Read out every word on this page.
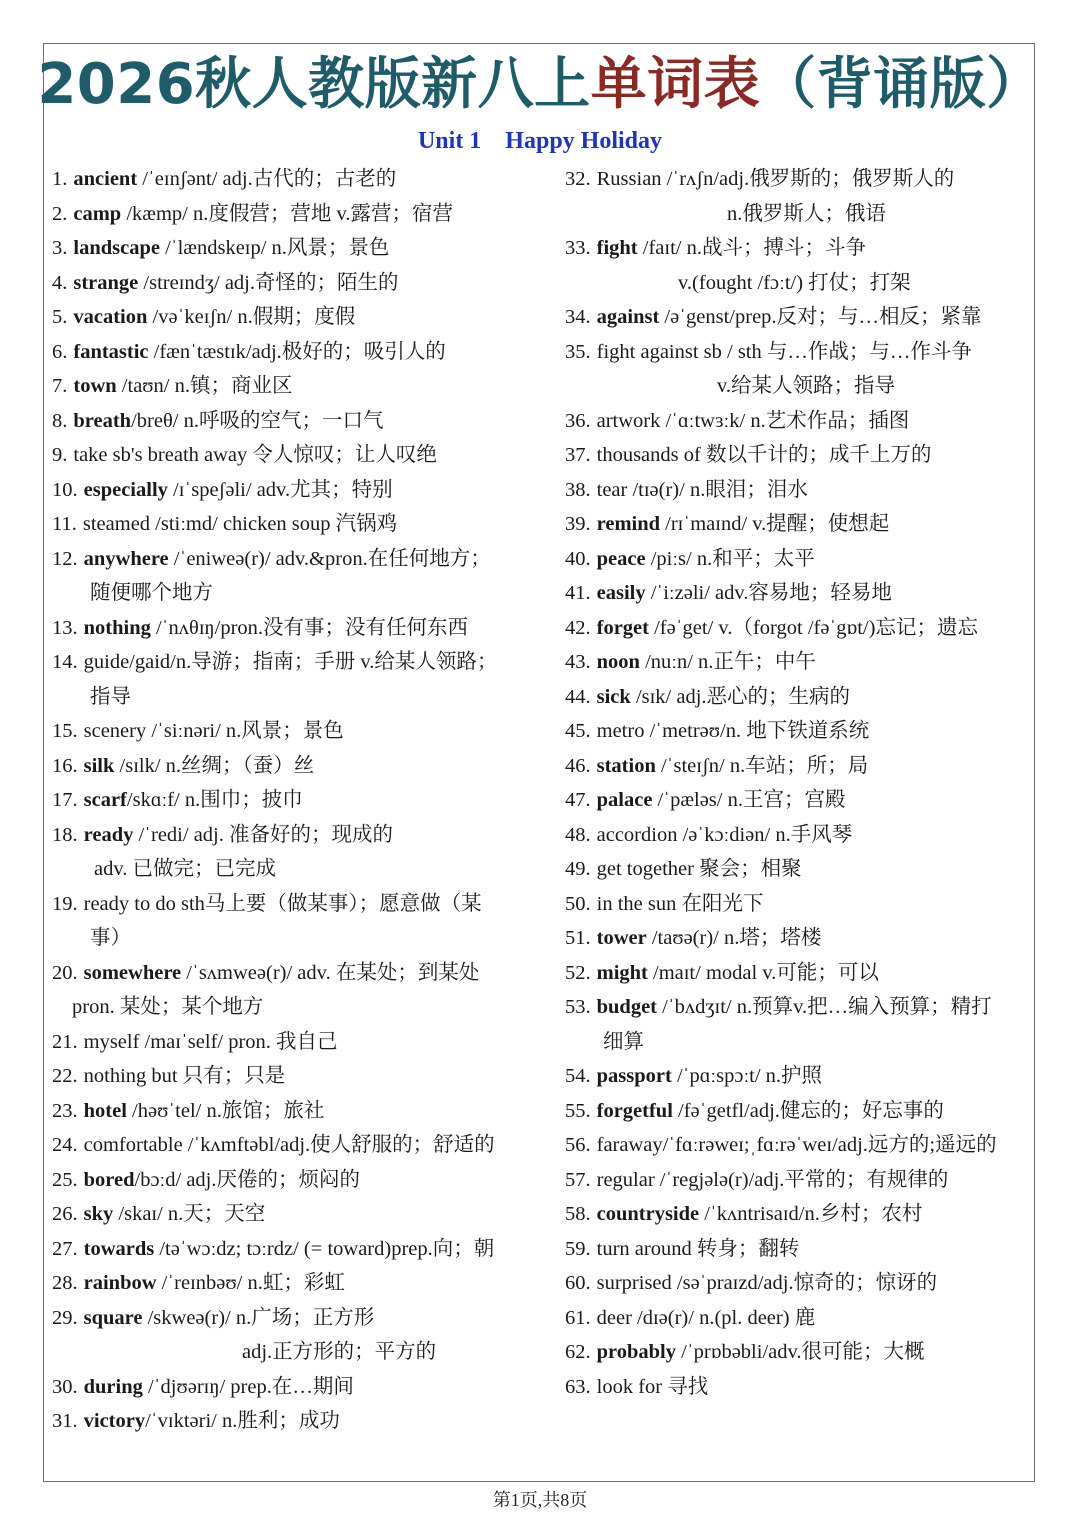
2026秋人教版新八上单词表（背诵版）
Unit 1    Happy Holiday
1.ancient /ˈeɪnʃənt/ adj.古代的；古老的
2.camp /kæmp/ n.度假营；营地 v.露营；宿营
3.landscape /ˈlændskeɪp/ n.风景；景色
4.strange /streɪndʒ/ adj.奇怪的；陌生的
5.vacation /vəˈkeɪʃn/ n.假期；度假
6.fantastic /fænˈtæstɪk/adj.极好的；吸引人的
7.town /taʊn/ n.镇；商业区
8.breath/breθ/ n.呼吸的空气；一口气
9.take sb's breath away 令人惊叹；让人叹绝
10.especially /ɪˈspeʃəli/ adv.尤其；特别
11.steamed /stiːmd/ chicken soup 汽锅鸡
12.anywhere /ˈeniweə(r)/ adv.&pron.在任何地方；
随便哪个地方
13.nothing /ˈnʌθɪŋ/pron.没有事；没有任何东西
14.guide/gaid/n.导游；指南；手册 v.给某人领路；
指导
15.scenery /ˈsiːnəri/ n.风景；景色
16.silk /sɪlk/ n.丝绸；（蚕）丝
17.scarf/skɑːf/ n.围巾；披巾
18.ready /ˈredi/ adj. 准备好的；现成的
adv. 已做完；已完成
19.ready to do sth马上要（做某事）；愿意做（某
事）
20.somewhere /ˈsʌmweə(r)/ adv. 在某处；到某处
pron. 某处；某个地方
21.myself /maɪˈself/ pron. 我自己
22.nothing but 只有；只是
23.hotel /həʊˈtel/ n.旅馆；旅社
24.comfortable /ˈkʌmftəbl/adj.使人舒服的；舒适的
25.bored/bɔːd/ adj.厌倦的；烦闷的
26.sky /skaɪ/ n.天；天空
27.towards /təˈwɔːdz; tɔːrdz/ (= toward)prep.向；朝
28.rainbow /ˈreɪnbəʊ/ n.虹；彩虹
29.square /skweə(r)/ n.广场；正方形
adj.正方形的；平方的
30.during /ˈdjʊərɪŋ/ prep.在…期间
31.victory/ˈvɪktəri/ n.胜利；成功
32.Russian /ˈrʌʃn/adj.俄罗斯的；俄罗斯人的
n.俄罗斯人；俄语
33.fight /faɪt/ n.战斗；搏斗；斗争
v.(fought /fɔːt/) 打仗；打架
34.against /əˈgenst/prep.反对；与…相反；紧靠
35.fight against sb / sth 与…作战；与…作斗争
v.给某人领路；指导
36.artwork /ˈɑːtwɜːk/ n.艺术作品；插图
37.thousands of 数以千计的；成千上万的
38.tear /tɪə(r)/ n.眼泪；泪水
39.remind /rɪˈmaɪnd/ v.提醒；使想起
40.peace /piːs/ n.和平；太平
41.easily /ˈiːzəli/ adv.容易地；轻易地
42.forget /fəˈget/ v.（forgot /fəˈgɒt/)忘记；遗忘
43.noon /nuːn/ n.正午；中午
44.sick /sɪk/ adj.恶心的；生病的
45.metro /ˈmetrəʊ/n. 地下铁道系统
46.station /ˈsteɪʃn/ n.车站；所；局
47.palace /ˈpæləs/ n.王宫；宫殿
48.accordion /əˈkɔːdiən/ n.手风琴
49.get together 聚会；相聚
50.in the sun 在阳光下
51.tower /taʊə(r)/ n.塔；塔楼
52.might /maɪt/ modal v.可能；可以
53.budget /ˈbʌdʒɪt/ n.预算v.把…编入预算；精打
细算
54.passport /ˈpɑːspɔːt/ n.护照
55.forgetful /fəˈgetfl/adj.健忘的；好忘事的
56.faraway/ˈfɑːrəweɪ;ˌfɑːrəˈweɪ/adj.远方的;遥远的
57.regular /ˈregjələ(r)/adj.平常的；有规律的
58.countryside /ˈkʌntrisaɪd/n.乡村；农村
59.turn around 转身；翻转
60.surprised /səˈpraɪzd/adj.惊奇的；惊讶的
61.deer /dɪə(r)/ n.(pl. deer) 鹿
62.probably /ˈprɒbəbli/adv.很可能；大概
63.look for 寻找
第1页,共8页
